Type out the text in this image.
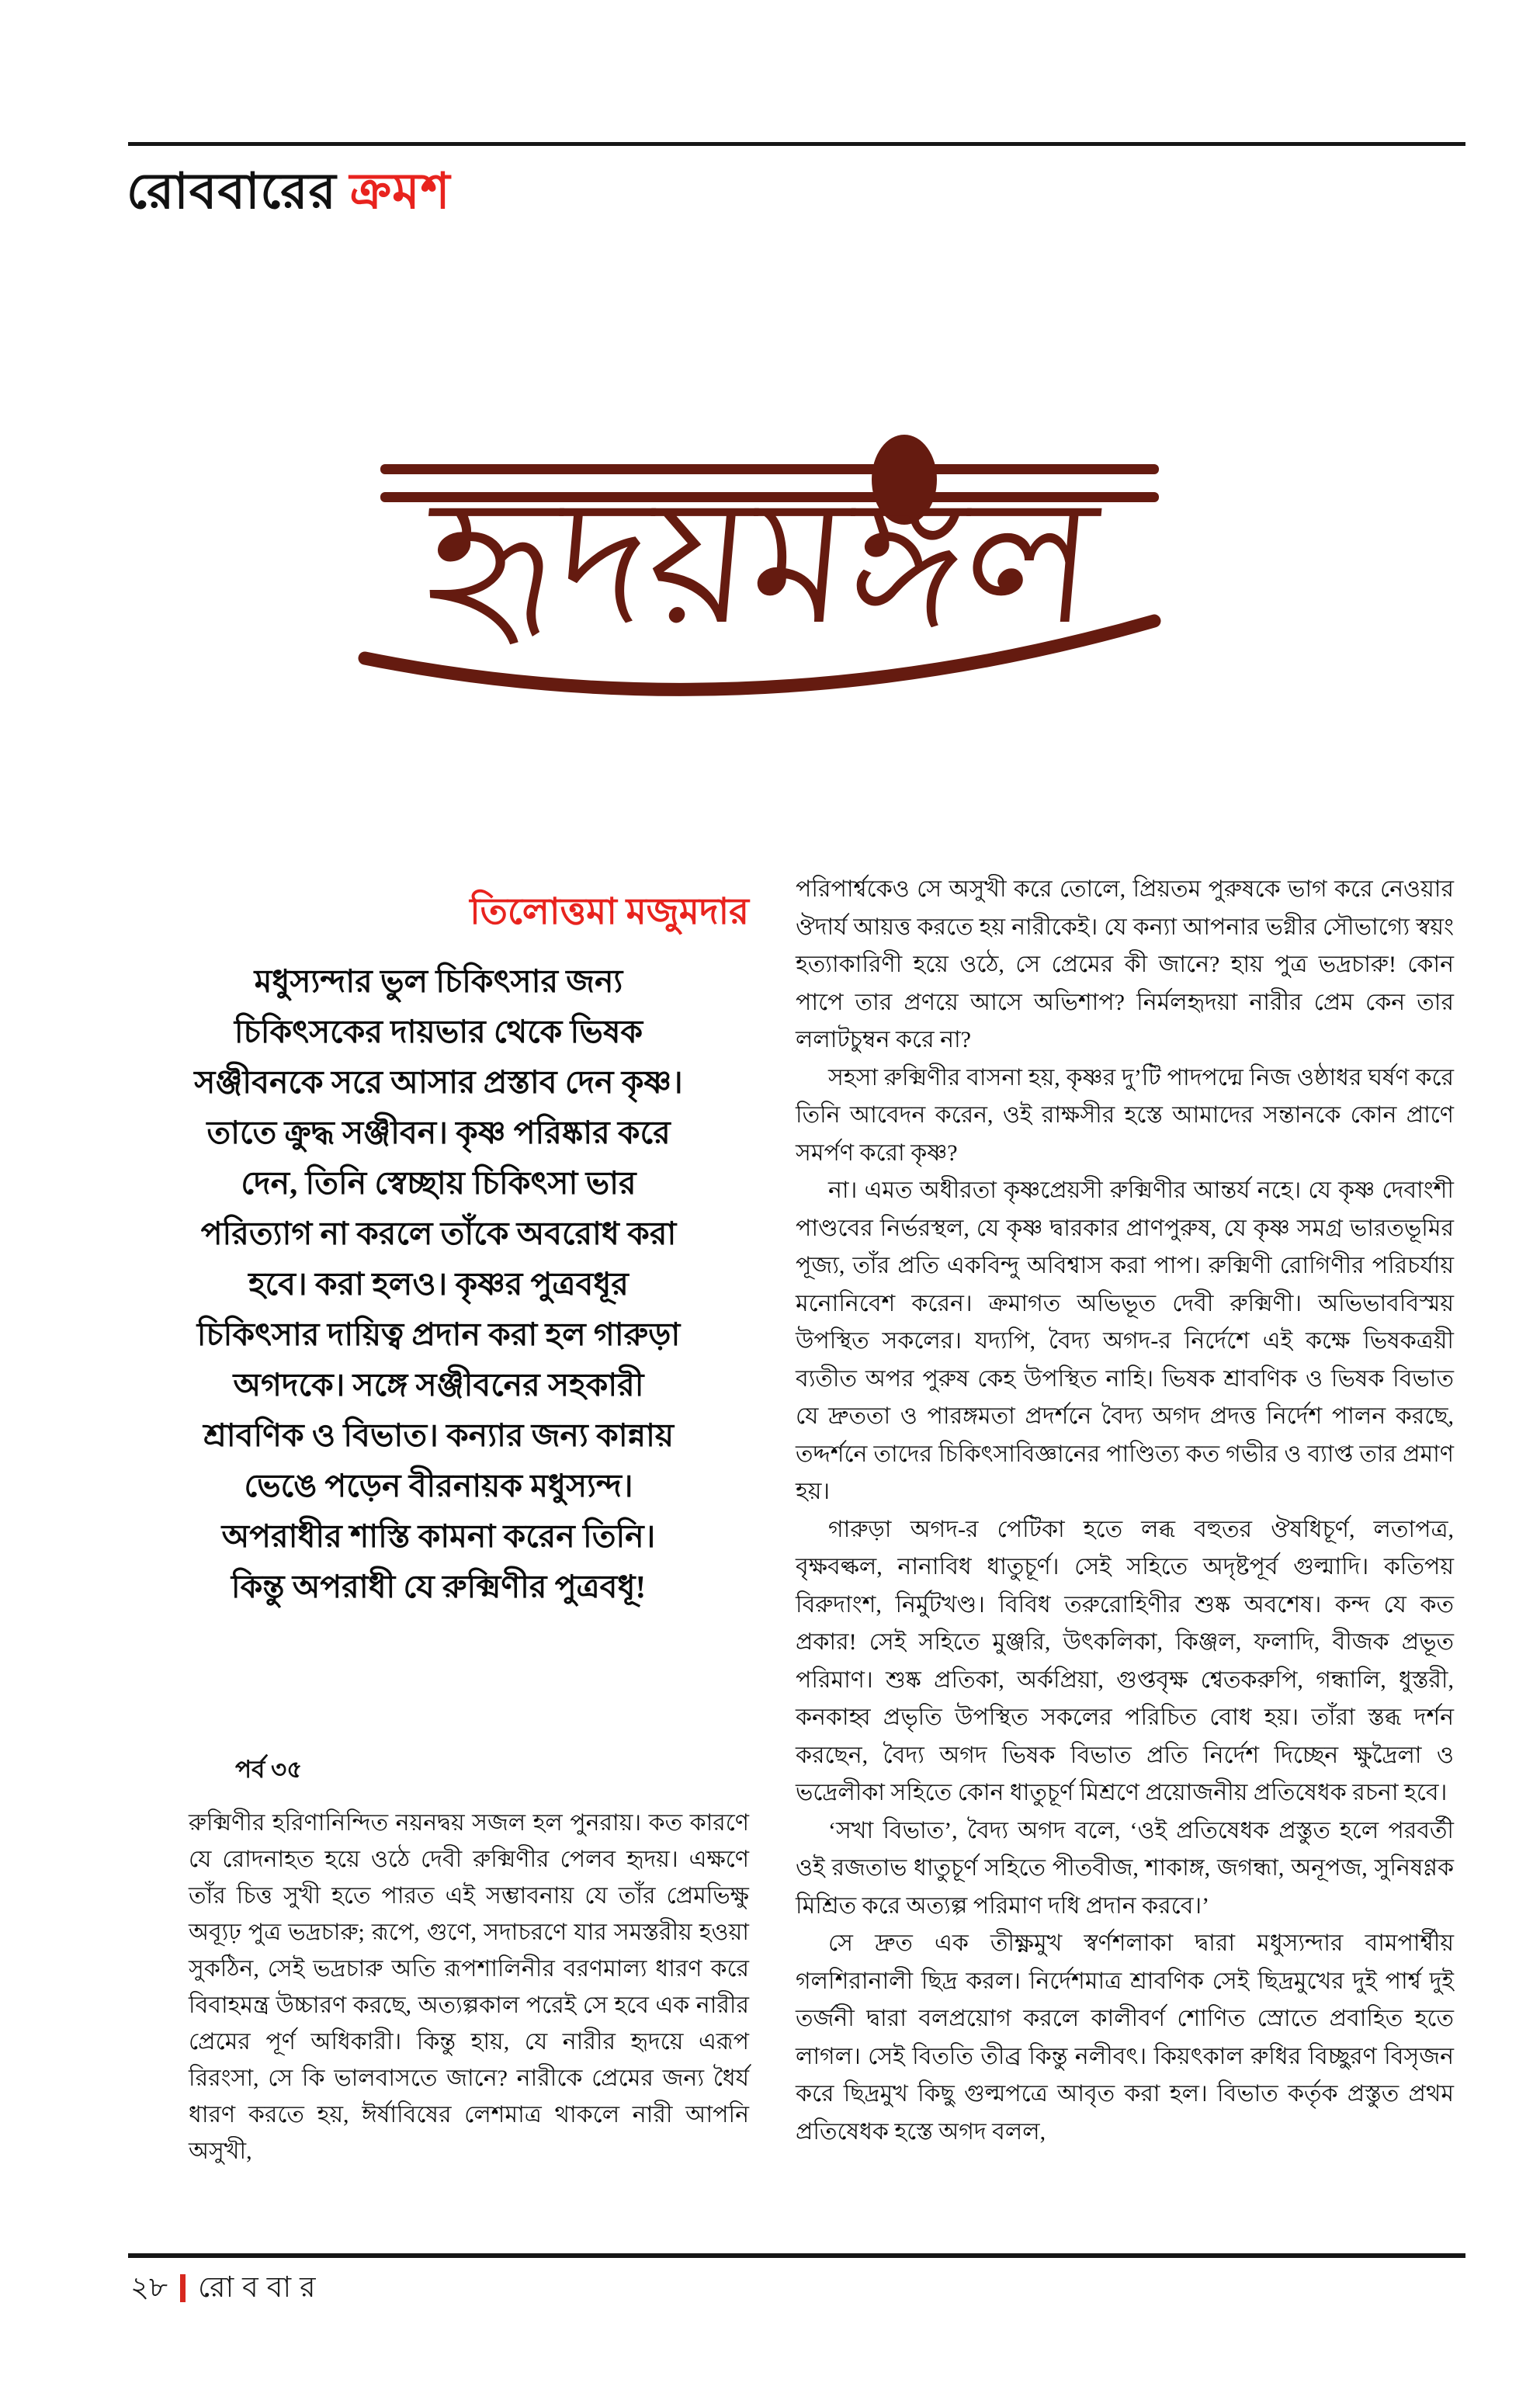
রোববারের ক্রমশ
হৃদয়মঙ্গল
তিলোত্তমা মজুমদার
মধুস্যন্দার ভুল চিকিৎসার জন্য
চিকিৎসকের দায়ভার থেকে ভিষক
সঞ্জীবনকে সরে আসার প্রস্তাব দেন কৃষ্ণ।
তাতে ক্রুদ্ধ সঞ্জীবন। কৃষ্ণ পরিষ্কার করে
দেন, তিনি স্বেচ্ছায় চিকিৎসা ভার
পরিত্যাগ না করলে তাঁকে অবরোধ করা
হবে। করা হলও। কৃষ্ণর পুত্রবধূর
চিকিৎসার দায়িত্ব প্রদান করা হল গারুড়া
অগদকে। সঙ্গে সঞ্জীবনের সহকারী
শ্রাবণিক ও বিভাত। কন্যার জন্য কান্নায়
ভেঙে পড়েন বীরনায়ক মধুস্যন্দ।
অপরাধীর শাস্তি কামনা করেন তিনি।
কিন্তু অপরাধী যে রুক্মিণীর পুত্রবধূ!
পর্ব ৩৫
রুক্মিণীর হরিণানিন্দিত নয়নদ্বয় সজল হল পুনরায়। কত কারণে যে রোদনাহত হয়ে ওঠে দেবী রুক্মিণীর পেলব হৃদয়। এক্ষণে তাঁর চিত্ত সুখী হতে পারত এই সম্ভাবনায় যে তাঁর প্রেমভিক্ষু অব্যূঢ় পুত্র ভদ্রচারু; রূপে, গুণে, সদাচরণে যার সমস্তরীয় হওয়া সুকঠিন, সেই ভদ্রচারু অতি রূপশালিনীর বরণমাল্য ধারণ করে বিবাহমন্ত্র উচ্চারণ করছে, অত্যল্পকাল পরেই সে হবে এক নারীর প্রেমের পূর্ণ অধিকারী। কিন্তু হায়, যে নারীর হৃদয়ে এরূপ রিরংসা, সে কি ভালবাসতে জানে? নারীকে প্রেমের জন্য ধৈর্য ধারণ করতে হয়, ঈর্ষাবিষের লেশমাত্র থাকলে নারী আপনি অসুখী,

পরিপার্শ্বকেও সে অসুখী করে তোলে, প্রিয়তম পুরুষকে ভাগ করে নেওয়ার ঔদার্য আয়ত্ত করতে হয় নারীকেই। যে কন্যা আপনার ভগ্নীর সৌভাগ্যে স্বয়ং হত্যাকারিণী হয়ে ওঠে, সে প্রেমের কী জানে? হায় পুত্র ভদ্রচারু! কোন পাপে তার প্রণয়ে আসে অভিশাপ? নির্মলহৃদয়া নারীর প্রেম কেন তার ললাটচুম্বন করে না?

সহসা রুক্মিণীর বাসনা হয়, কৃষ্ণর দু’টি পাদপদ্মে নিজ ওষ্ঠাধর ঘর্ষণ করে তিনি আবেদন করেন, ওই রাক্ষসীর হস্তে আমাদের সন্তানকে কোন প্রাণে সমর্পণ করো কৃষ্ণ?

না। এমত অধীরতা কৃষ্ণপ্রেয়সী রুক্মিণীর আন্তর্য নহে। যে কৃষ্ণ দেবাংশী পাণ্ডবের নির্ভরস্থল, যে কৃষ্ণ দ্বারকার প্রাণপুরুষ, যে কৃষ্ণ সমগ্র ভারতভূমির পূজ্য, তাঁর প্রতি একবিন্দু অবিশ্বাস করা পাপ। রুক্মিণী রোগিণীর পরিচর্যায় মনোনিবেশ করেন। ক্রমাগত অভিভূত দেবী রুক্মিণী। অভিভাববিস্ময় উপস্থিত সকলের। যদ্যপি, বৈদ্য অগদ-র নির্দেশে এই কক্ষে ভিষকত্রয়ী ব্যতীত অপর পুরুষ কেহ উপস্থিত নাহি। ভিষক শ্রাবণিক ও ভিষক বিভাত যে দ্রুততা ও পারঙ্গমতা প্রদর্শনে বৈদ্য অগদ প্রদত্ত নির্দেশ পালন করছে, তদ্দর্শনে তাদের চিকিৎসাবিজ্ঞানের পাণ্ডিত্য কত গভীর ও ব্যাপ্ত তার প্রমাণ হয়।

গারুড়া অগদ-র পেটিকা হতে লব্ধ বহুতর ঔষধিচূর্ণ, লতাপত্র, বৃক্ষবল্কল, নানাবিধ ধাতুচূর্ণ। সেই সহিতে অদৃষ্টপূর্ব গুল্মাদি। কতিপয় বিরুদাংশ, নির্মুটখণ্ড। বিবিধ তরুরোহিণীর শুষ্ক অবশেষ। কন্দ যে কত প্রকার! সেই সহিতে মুঞ্জরি, উৎকলিকা, কিঞ্জল, ফলাদি, বীজক প্রভূত পরিমাণ। শুষ্ক প্রতিকা, অর্কপ্রিয়া, গুপ্তবৃক্ষ শ্বেতকরুপি, গন্ধালি, ধুস্তরী, কনকাহ্ব প্রভৃতি উপস্থিত সকলের পরিচিত বোধ হয়। তাঁরা স্তব্ধ দর্শন করছেন, বৈদ্য অগদ ভিষক বিভাত প্রতি নির্দেশ দিচ্ছেন ক্ষুদ্রৈলা ও ভদ্রেলীকা সহিতে কোন ধাতুচূর্ণ মিশ্রণে প্রয়োজনীয় প্রতিষেধক রচনা হবে।

‘সখা বিভাত’, বৈদ্য অগদ বলে, ‘ওই প্রতিষেধক প্রস্তুত হলে পরবর্তী ওই রজতাভ ধাতুচূর্ণ সহিতে পীতবীজ, শাকাঙ্গ, জগন্ধা, অনূপজ, সুনিষণ্ণক মিশ্রিত করে অত্যল্প পরিমাণ দধি প্রদান করবে।’

সে দ্রুত এক তীক্ষ্ণমুখ স্বর্ণশলাকা দ্বারা মধুস্যন্দার বামপার্শ্বীয় গলশিরানালী ছিদ্র করল। নির্দেশমাত্র শ্রাবণিক সেই ছিদ্রমুখের দুই পার্শ্ব দুই তর্জনী দ্বারা বলপ্রয়োগ করলে কালীবর্ণ শোণিত স্রোতে প্রবাহিত হতে লাগল। সেই বিততি তীব্র কিন্তু নলীবৎ। কিয়ৎকাল রুধির বিচ্ছুরণ বিসৃজন করে ছিদ্রমুখ কিছু গুল্মপত্রে আবৃত করা হল। বিভাত কর্তৃক প্রস্তুত প্রথম প্রতিষেধক হস্তে অগদ বলল,

২৮ রোববার
